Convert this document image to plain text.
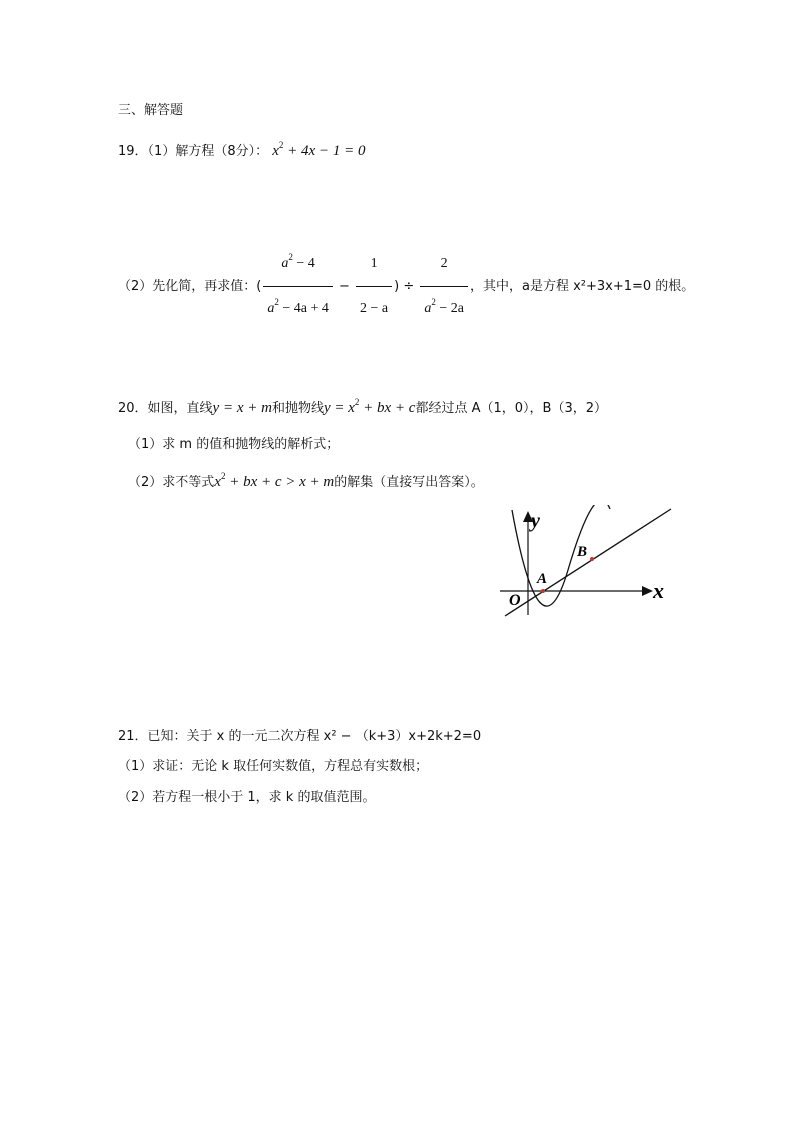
三、解答题
19．（1）解方程（8分）： $x^2 + 4x - 1 = 0$
（2）先化简，再求值：( $\frac{a^2 - 4}{a^2 - 4a + 4} - \frac{1}{2 - a}$ ) ÷ $\frac{2}{a^2 - 2a}$ ，其中，a是方程 x²+3x+1=0 的根。
20．如图，直线y = x + m和抛物线$y = x^2$ + bx + c都经过点 A（1，0），B（3，2）
（1）求 m 的值和抛物线的解析式；
（2）求不等式$x^2$ + bx + c > x + m的解集（直接写出答案）。
y
x
O
A
B
21．已知：关于 x 的一元二次方程 x² − （k+3）x+2k+2=0
（1）求证：无论 k 取任何实数值，方程总有实数根；
（2）若方程一根小于 1，求 k 的取值范围。
